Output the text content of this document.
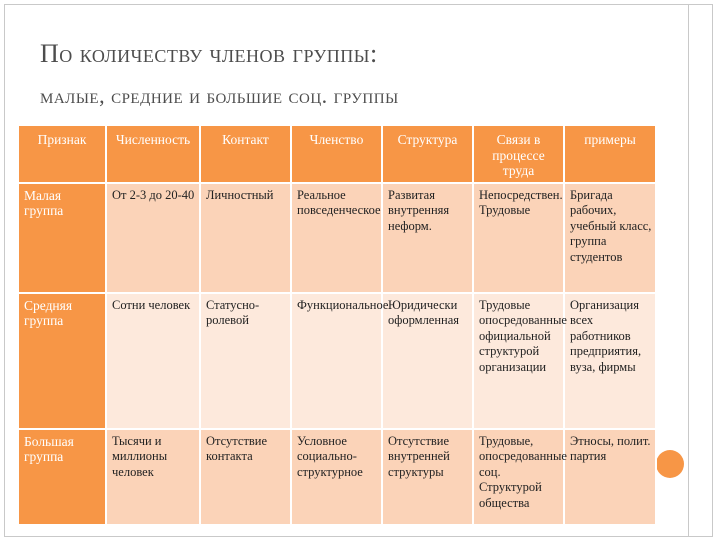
По количеству членов группы:
малые, средние и большие соц. группы
Признак	Численность	Контакт	Членство	Структура	Связи в процессе труда	примеры
Малая группа	От 2-3 до 20-40	Личностный	Реальное повседенческое	Развитая внутренняя неформ.	Непосредствен. Трудовые	Бригада рабочих, учебный класс, группа студентов
Средняя группа	Сотни человек	Статусно-ролевой	Функциональное	Юридически оформленная	Трудовые опосредованные официальной структурой организации	Организация всех работников предприятия, вуза, фирмы
Большая группа	Тысячи и миллионы человек	Отсутствие контакта	Условное социально-структурное	Отсутствие внутренней структуры	Трудовые, опосредованные соц. Структурой общества	Этносы, полит. партия
